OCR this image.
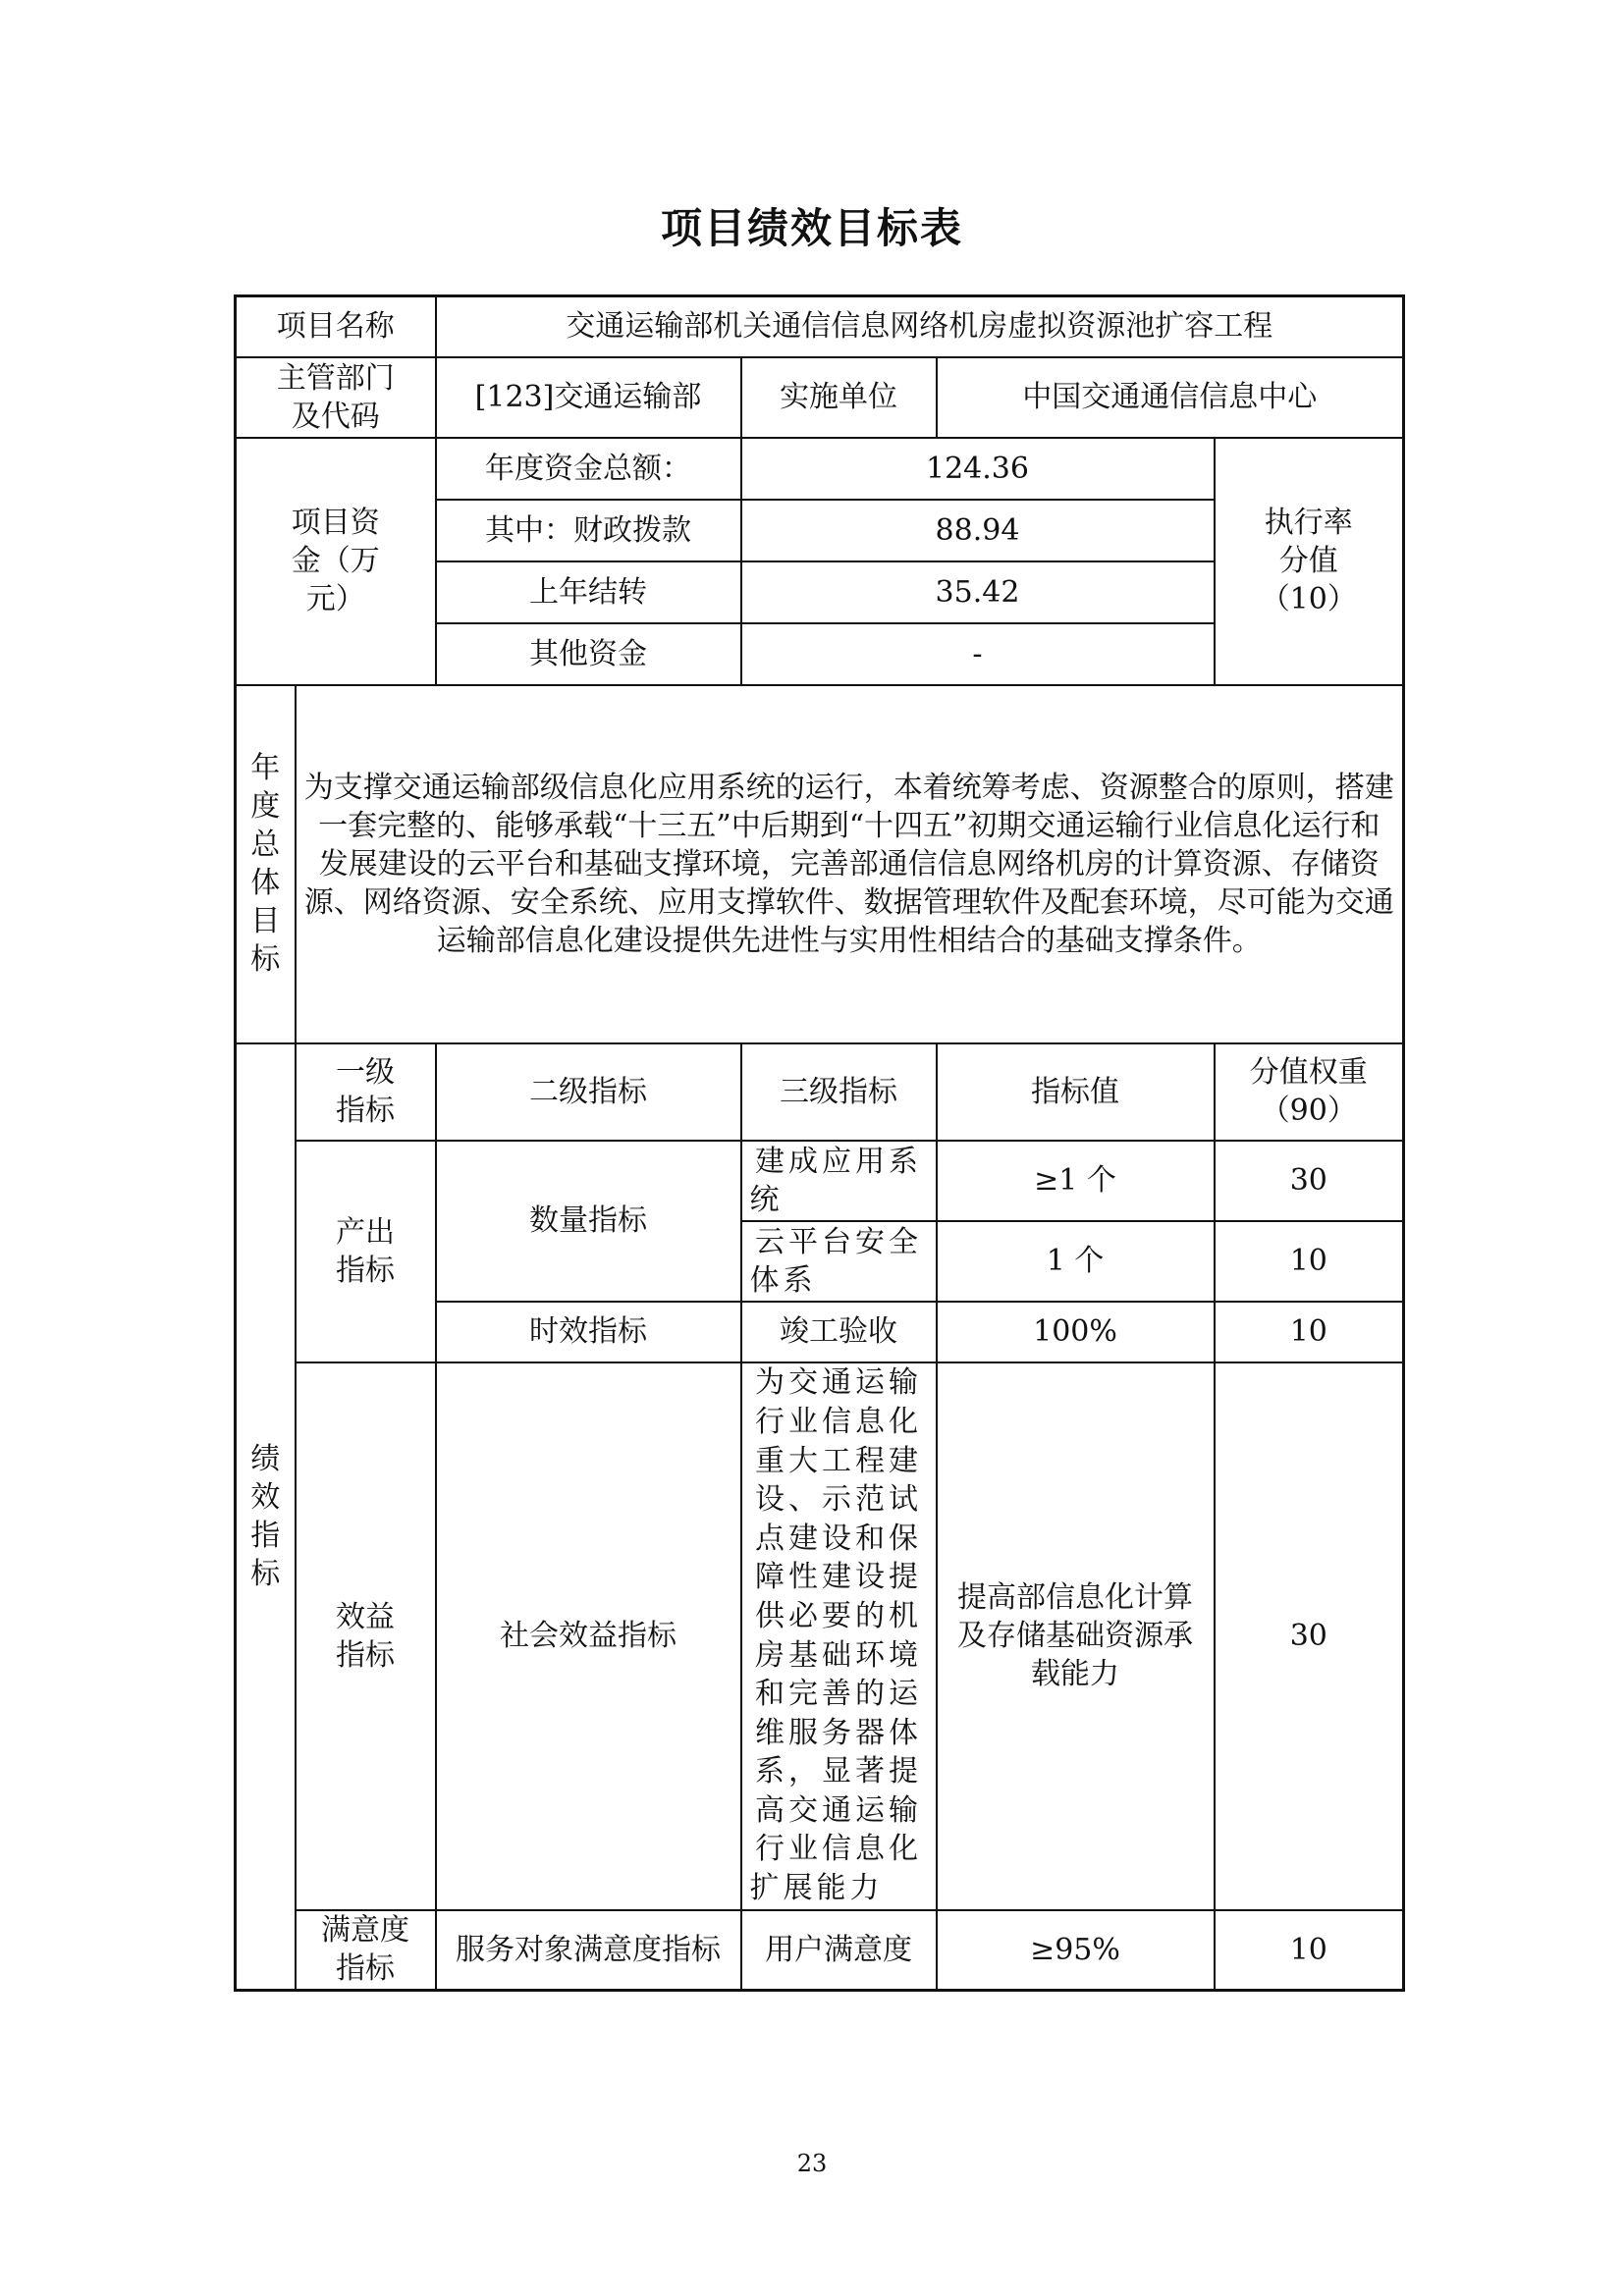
项目绩效目标表
项目名称		交通运输部机关通信信息网络机房虚拟资源池扩容工程			
主管部门及代码		[123]交通运输部	实施单位	中国交通通信信息中心	
项目资金（万元）		年度资金总额：	124.36		执行率分值（10）
		其中：财政拨款	88.94		
		上年结转	35.42		
		其他资金	-		

年度总体目标	为支撑交通运输部级信息化应用系统的运行，本着统筹考虑、资源整合的原则，搭建一套完整的、能够承载“十三五”中后期到“十四五”初期交通运输行业信息化运行和发展建设的云平台和基础支撑环境，完善部通信信息网络机房的计算资源、存储资源、网络资源、安全系统、应用支撑软件、数据管理软件及配套环境，尽可能为交通运输部信息化建设提供先进性与实用性相结合的基础支撑条件。				

绩效指标	一级指标	二级指标	三级指标	指标值	分值权重（90）
	产出指标	数量指标	建成应用系统	≥1 个	30
			云平台安全体系	1 个	10
		时效指标	竣工验收	100%	10
	效益指标	社会效益指标	为交通运输行业信息化重大工程建设、示范试点建设和保障性建设提供必要的机房基础环境和完善的运维服务器体系，显著提高交通运输行业信息化扩展能力	提高部信息化计算及存储基础资源承载能力	30
	满意度指标	服务对象满意度指标	用户满意度	≥95%	10
23
